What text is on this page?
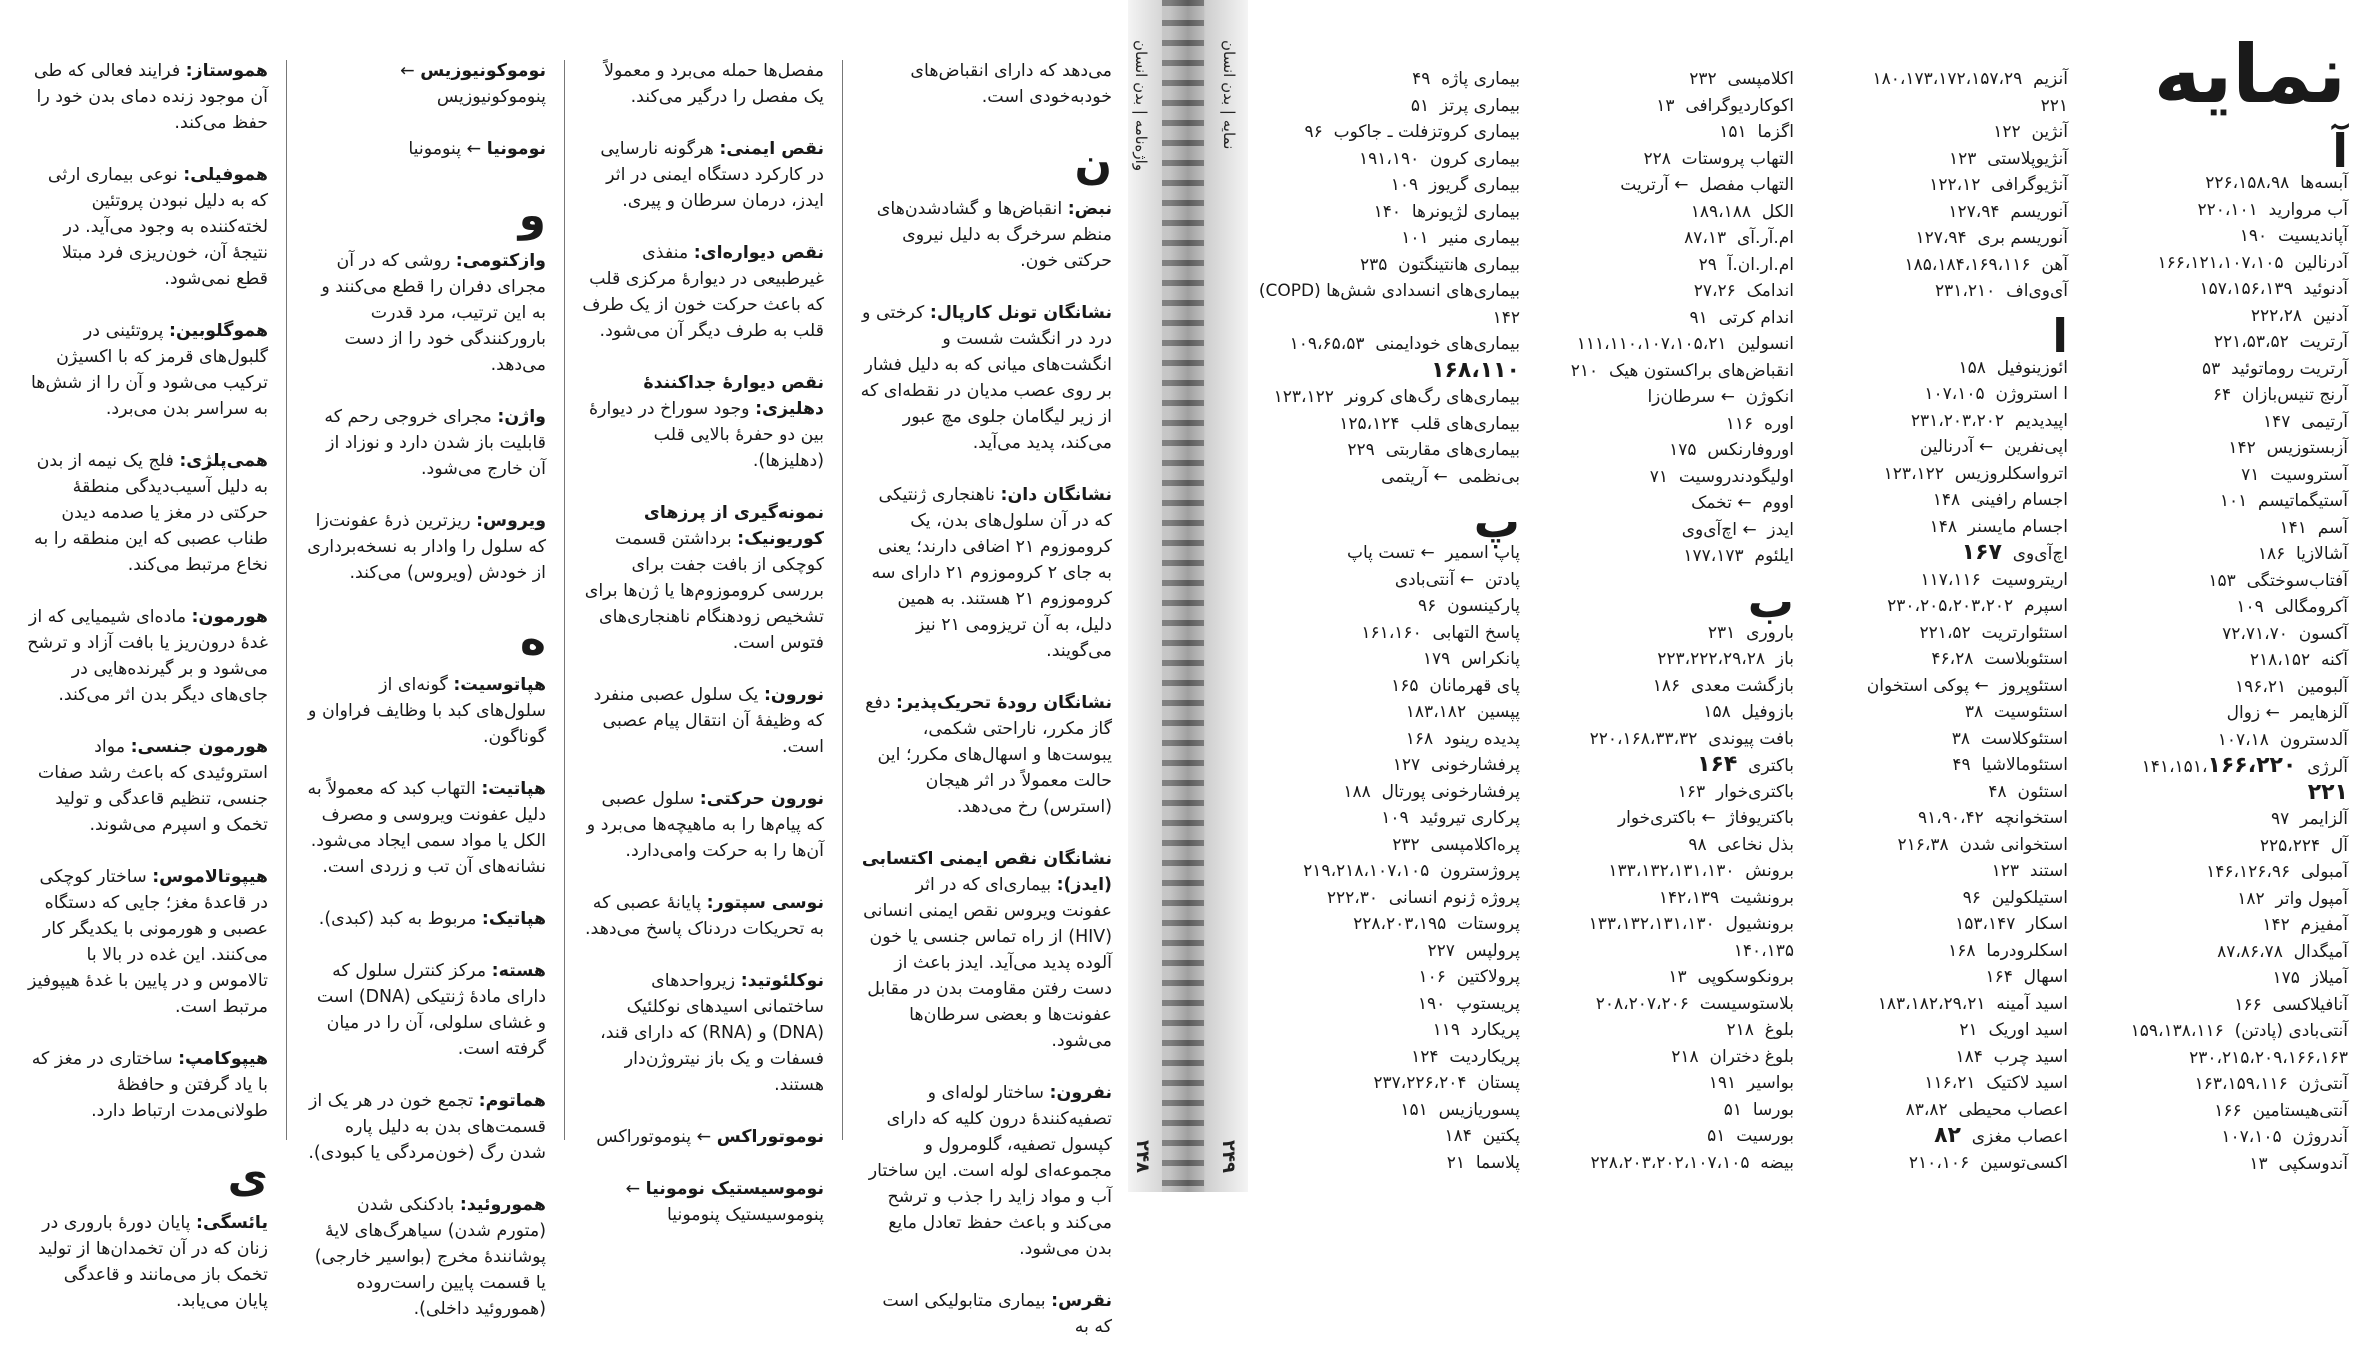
هموستاز: فرایند فعالی که طی آن موجود زنده دمای بدن خود را حفظ می‌کند.
هموفیلی: نوعی بیماری ارثی که به دلیل نبودن پروتئین لخته‌کننده به وجود می‌آید. در نتیجهٔ آن، خون‌ریزی فرد مبتلا قطع نمی‌شود.
هموگلوبین: پروتئینی در گلبول‌های قرمز که با اکسیژن ترکیب می‌شود و آن را از شش‌ها به سراسر بدن می‌برد.
همی‌پلژی: فلج یک نیمه از بدن به دلیل آسیب‌دیدگی منطقهٔ حرکتی در مغز یا صدمه دیدن طناب عصبی که این منطقه را به نخاع مرتبط می‌کند.
هورمون: ماده‌ای شیمیایی که از غدهٔ درون‌ریز یا بافت آزاد و ترشح می‌شود و بر گیرنده‌هایی در جای‌های دیگر بدن اثر می‌کند.
هورمون جنسی: مواد استروئیدی که باعث رشد صفات جنسی، تنظیم قاعدگی و تولید تخمک و اسپرم می‌شوند.
هیپوتالاموس: ساختار کوچکی در قاعدهٔ مغز؛ جایی که دستگاه عصبی و هورمونی با یکدیگر کار می‌کنند. این غده در بالا با تالاموس و در پایین با غدهٔ هیپوفیز مرتبط است.
هیپوکامپ: ساختاری در مغز که با یاد گرفتن و حافظهٔ طولانی‌مدت ارتباط دارد.
ی
یائسگی: پایان دورهٔ باروری در زنان که در آن تخمدان‌ها از تولید تخمک باز می‌مانند و قاعدگی پایان می‌یابد.
نوموکونیوزیس ← پنوموکونیوزیس
نومونیا ← پنومونیا
و
وازکتومی: روشی که در آن مجرای دفران را قطع می‌کنند و به این ترتیب، مرد قدرت بارورکنندگی خود را از دست می‌دهد.
واژن: مجرای خروجی رحم که قابلیت باز شدن دارد و نوزاد از آن خارج می‌شود.
ویروس: ریزترین ذرهٔ عفونت‌زا که سلول را وادار به نسخه‌برداری از خودش (ویروس) می‌کند.
ه
هپاتوسیت: گونه‌ای از سلول‌های کبد با وظایف فراوان و گوناگون.
هپاتیت: التهاب کبد که معمولاً به دلیل عفونت ویروسی و مصرف الکل یا مواد سمی ایجاد می‌شود. نشانه‌های آن تب و زردی است.
هپاتیک: مربوط به کبد (کبدی).
هسته: مرکز کنترل سلول که دارای مادهٔ ژنتیکی (DNA) است و غشای سلولی، آن را در میان گرفته است.
هماتوم: تجمع خون در هر یک از قسمت‌های بدن به دلیل پاره شدن رگ (خون‌مردگی یا کبودی).
هموروئید: بادکنکی شدن (متورم شدن) سیاهرگ‌های لایهٔ پوشانندهٔ مخرج (بواسیر خارجی) یا قسمت پایین راست‌روده (هموروئید داخلی).
مفصل‌ها حمله می‌برد و معمولاً یک مفصل را درگیر می‌کند.
نقص ایمنی: هرگونه نارسایی در کارکرد دستگاه ایمنی در اثر ایدز، درمان سرطان و پیری.
نقص دیواره‌ای: منفذی غیرطبیعی در دیوارهٔ مرکزی قلب که باعث حرکت خون از یک طرف قلب به طرف دیگر آن می‌شود.
نقص دیوارهٔ جداکنندهٔ دهلیزی: وجود سوراخ در دیوارهٔ بین دو حفرهٔ بالایی قلب (دهلیزها).
نمونه‌گیری از پرزهای کوریونیک: برداشتن قسمت کوچکی از بافت جفت برای بررسی کروموزوم‌ها یا ژن‌ها برای تشخیص زودهنگام ناهنجاری‌های فتوس است.
نورون: یک سلول عصبی منفرد که وظیفهٔ آن انتقال پیام عصبی است.
نورون حرکتی: سلول عصبی که پیام‌ها را به ماهیچه‌ها می‌برد و آن‌ها را به حرکت وامی‌دارد.
نوسی سپتور: پایانهٔ عصبی که به تحریکات دردناک پاسخ می‌دهد.
نوکلئوتید: زیرواحدهای ساختمانی اسیدهای نوکلئیک (DNA) و (RNA) که دارای قند، فسفات و یک باز نیتروژن‌دار هستند.
نوموتوراکس ← پنوموتوراکس
نوموسیستیک نومونیا ← پنوموسیستیک پنومونیا
می‌دهد که دارای انقباض‌های خودبه‌خودی است.
ن
نبض: انقباض‌ها و گشادشدن‌های منظم سرخرگ به دلیل نیروی حرکتی خون.
نشانگان تونل کارپال: کرختی و درد در انگشت شست و انگشت‌های میانی که به دلیل فشار بر روی عصب مدیان در نقطه‌ای که از زیر لیگامان جلوی مچ عبور می‌کند، پدید می‌آید.
نشانگان دان: ناهنجاری ژنتیکی که در آن سلول‌های بدن، یک کروموزوم ۲۱ اضافی دارند؛ یعنی به جای ۲ کروموزوم ۲۱ دارای سه کروموزوم ۲۱ هستند. به همین دلیل، به آن تریزومی ۲۱ نیز می‌گویند.
نشانگان رودهٔ تحریک‌پذیر: دفع گاز مکرر، ناراحتی شکمی، یبوست‌ها و اسهال‌های مکرر؛ این حالت معمولاً در اثر هیجان (استرس) رخ می‌دهد.
نشانگان نقص ایمنی اکتسابی (ایدز): بیماری‌ای که در اثر عفونت ویروس نقص ایمنی انسانی (HIV) از راه تماس جنسی یا خون آلوده پدید می‌آید. ایدز باعث از دست رفتن مقاومت بدن در مقابل عفونت‌ها و بعضی سرطان‌ها می‌شود.
نفرون: ساختار لوله‌ای و تصفیه‌کنندهٔ درون کلیه که دارای کپسول تصفیه، گلومرول و مجموعه‌ای لوله است. این ساختار آب و مواد زاید را جذب و ترشح می‌کند و باعث حفظ تعادل مایع بدن می‌شود.
نقرس: بیماری متابولیکی است که به
واژه‌نامه | بدن انسان	نمایه | بدن انسان
۲۴۸	۲۴۹
نمایه
بیماری پاژه  ۴۹
بیماری پرتز  ۵۱
بیماری کروتزفلت ـ جاکوب  ۹۶
بیماری کرون  ۱۹۱،۱۹۰
بیماری گریوز  ۱۰۹
بیماری لژیونرها  ۱۴۰
بیماری منیر  ۱۰۱
بیماری هانتینگتون  ۲۳۵
بیماری‌های انسدادی شش‌ها (COPD)
۱۴۲
بیماری‌های خودایمنی  ۱۰۹،۶۵،۵۳
۱۶۸،۱۱۰
بیماری‌های رگ‌های کرونر  ۱۲۳،۱۲۲
بیماری‌های قلب  ۱۲۵،۱۲۴
بیماری‌های مقاربتی  ۲۲۹
بی‌نظمی  ← آریتمی
پ
پاپ اسمیر  ← تست پاپ
پادتن  ← آنتی‌بادی
پارکینسون  ۹۶
پاسخ التهابی  ۱۶۱،۱۶۰
پانکراس  ۱۷۹
پای قهرمانان  ۱۶۵
پپسین  ۱۸۳،۱۸۲
پدیده رینود  ۱۶۸
پرفشارخونی  ۱۲۷
پرفشارخونی پورتال  ۱۸۸
پرکاری تیروئید  ۱۰۹
پره‌اکلامپسی  ۲۳۲
پروژسترون  ۲۱۹،۲۱۸،۱۰۷،۱۰۵
پروژه ژنوم انسانی  ۲۲۲،۳۰
پروستات  ۲۲۸،۲۰۳،۱۹۵
پرولپس  ۲۲۷
پرولاکتین  ۱۰۶
پریستوپ  ۱۹۰
پریکارد  ۱۱۹
پریکاردیت  ۱۲۴
پستان  ۲۳۷،۲۲۶،۲۰۴
پسوریازیس  ۱۵۱
پکتین  ۱۸۴
پلاسما  ۲۱
اکلامپسی  ۲۳۲
اکوکاردیوگرافی  ۱۳
اگزما  ۱۵۱
التهاب پروستات  ۲۲۸
التهاب مفصل  ← آرتریت
الکل  ۱۸۹،۱۸۸
ام.آر.آی  ۸۷،۱۳
ام.ار.ان.آ  ۲۹
اندامک  ۲۷،۲۶
اندام کرتی  ۹۱
انسولین  ۱۱۱،۱۱۰،۱۰۷،۱۰۵،۲۱
انقباض‌های براکستون هیک  ۲۱۰
انکوژن  ← سرطان‌زا
اوره  ۱۱۶
اوروفارنکس  ۱۷۵
اولیگودندروسیت  ۷۱
اووم  ← تخمک
ایدز  ← اچ‌آی‌وی
ایلئوم  ۱۷۷،۱۷۳
ب
باروری  ۲۳۱
باز  ۲۲۳،۲۲۲،۲۹،۲۸
بازگشت معدی  ۱۸۶
بازوفیل  ۱۵۸
بافت پیوندی  ۲۲۰،۱۶۸،۳۳،۳۲
باکتری  ۱۶۴
باکتری‌خوار  ۱۶۳
باکتریوفاژ  ← باکتری‌خوار
بذل نخاعی  ۹۸
برونش  ۱۳۳،۱۳۲،۱۳۱،۱۳۰
برونشیت  ۱۴۲،۱۳۹
برونشیول  ۱۳۳،۱۳۲،۱۳۱،۱۳۰
۱۴۰،۱۳۵
برونکوسکوپی  ۱۳
بلاستوسیست  ۲۰۸،۲۰۷،۲۰۶
بلوغ  ۲۱۸
بلوغ دختران  ۲۱۸
بواسیر  ۱۹۱
بورسا  ۵۱
بورسیت  ۵۱
بیضه  ۲۲۸،۲۰۳،۲۰۲،۱۰۷،۱۰۵
آنزیم  ۱۸۰،۱۷۳،۱۷۲،۱۵۷،۲۹
۲۲۱
آنژین  ۱۲۲
آنژیوپلاستی  ۱۲۳
آنژیوگرافی  ۱۲۲،۱۲
آنوریسم  ۱۲۷،۹۴
آنوریسم بری  ۱۲۷،۹۴
آهن  ۱۸۵،۱۸۴،۱۶۹،۱۱۶
آی‌وی‌اف  ۲۳۱،۲۱۰
ا
ائوزینوفیل  ۱۵۸
ا استروژن  ۱۰۷،۱۰۵
اپیدیدیم  ۲۳۱،۲۰۳،۲۰۲
اپی‌نفرین  ← آدرنالین
اترواسکلروزیس  ۱۲۳،۱۲۲
اجسام رافینی  ۱۴۸
اجسام مایسنر  ۱۴۸
اچ‌آی‌وی  ۱۶۷
اریتروسیت  ۱۱۷،۱۱۶
اسپرم  ۲۳۰،۲۰۵،۲۰۳،۲۰۲
استئوارتریت  ۲۲۱،۵۲
استئوبلاست  ۴۶،۲۸
استئوپروز  ← پوکی استخوان
استئوسیت  ۳۸
استئوکلاست  ۳۸
استئومالاشیا  ۴۹
استئون  ۴۸
استخوانچه  ۹۱،۹۰،۴۲
استخوانی شدن  ۲۱۶،۳۸
استند  ۱۲۳
استیلکولین  ۹۶
اسکار  ۱۵۳،۱۴۷
اسکلرودرما  ۱۶۸
اسهال  ۱۶۴
اسید آمینه  ۱۸۳،۱۸۲،۲۹،۲۱
اسید اوریک  ۲۱
اسید چرب  ۱۸۴
اسید لاکتیک  ۱۱۶،۲۱
اعصاب محیطی  ۸۳،۸۲
اعصاب مغزی  ۸۲
اکسی‌توسین  ۲۱۰،۱۰۶
آ
آبسه‌ها  ۲۲۶،۱۵۸،۹۸
آب مروارید  ۲۲۰،۱۰۱
آپاندیسیت  ۱۹۰
آدرنالین  ۱۶۶،۱۲۱،۱۰۷،۱۰۵
آدنوئید  ۱۵۷،۱۵۶،۱۳۹
آدنین  ۲۲۲،۲۸
آرتریت  ۲۲۱،۵۳،۵۲
آرتریت روماتوئید  ۵۳
آرنج تنیس‌بازان  ۶۴
آرتیمی  ۱۴۷
آزبستوزیس  ۱۴۲
آستروسیت  ۷۱
آستیگماتیسم  ۱۰۱
آسم  ۱۴۱
آشالازیا  ۱۸۶
آفتاب‌سوختگی  ۱۵۳
آکرومگالی  ۱۰۹
آکسون  ۷۲،۷۱،۷۰
آکنه  ۲۱۸،۱۵۲
آلبومین  ۱۹۶،۲۱
آلزهایمر  ← زوال
آلدسترون  ۱۰۷،۱۸
آلرژی  ۱۴۱،۱۵۱،۱۶۶،۲۲۰
۲۲۱
آلزایمر  ۹۷
آل  ۲۲۵،۲۲۴
آمبولی  ۱۴۶،۱۲۶،۹۶
آمپول واتر  ۱۸۲
آمفیزم  ۱۴۲
آمیگدال  ۸۷،۸۶،۷۸
آمیلاز  ۱۷۵
آنافیلاکسی  ۱۶۶
آنتی‌بادی (پادتن)  ۱۵۹،۱۳۸،۱۱۶
۲۳۰،۲۱۵،۲۰۹،۱۶۶،۱۶۳
آنتی‌ژن  ۱۶۳،۱۵۹،۱۱۶
آنتی‌هیستامین  ۱۶۶
آندروژن  ۱۰۷،۱۰۵
آندوسکپی  ۱۳
